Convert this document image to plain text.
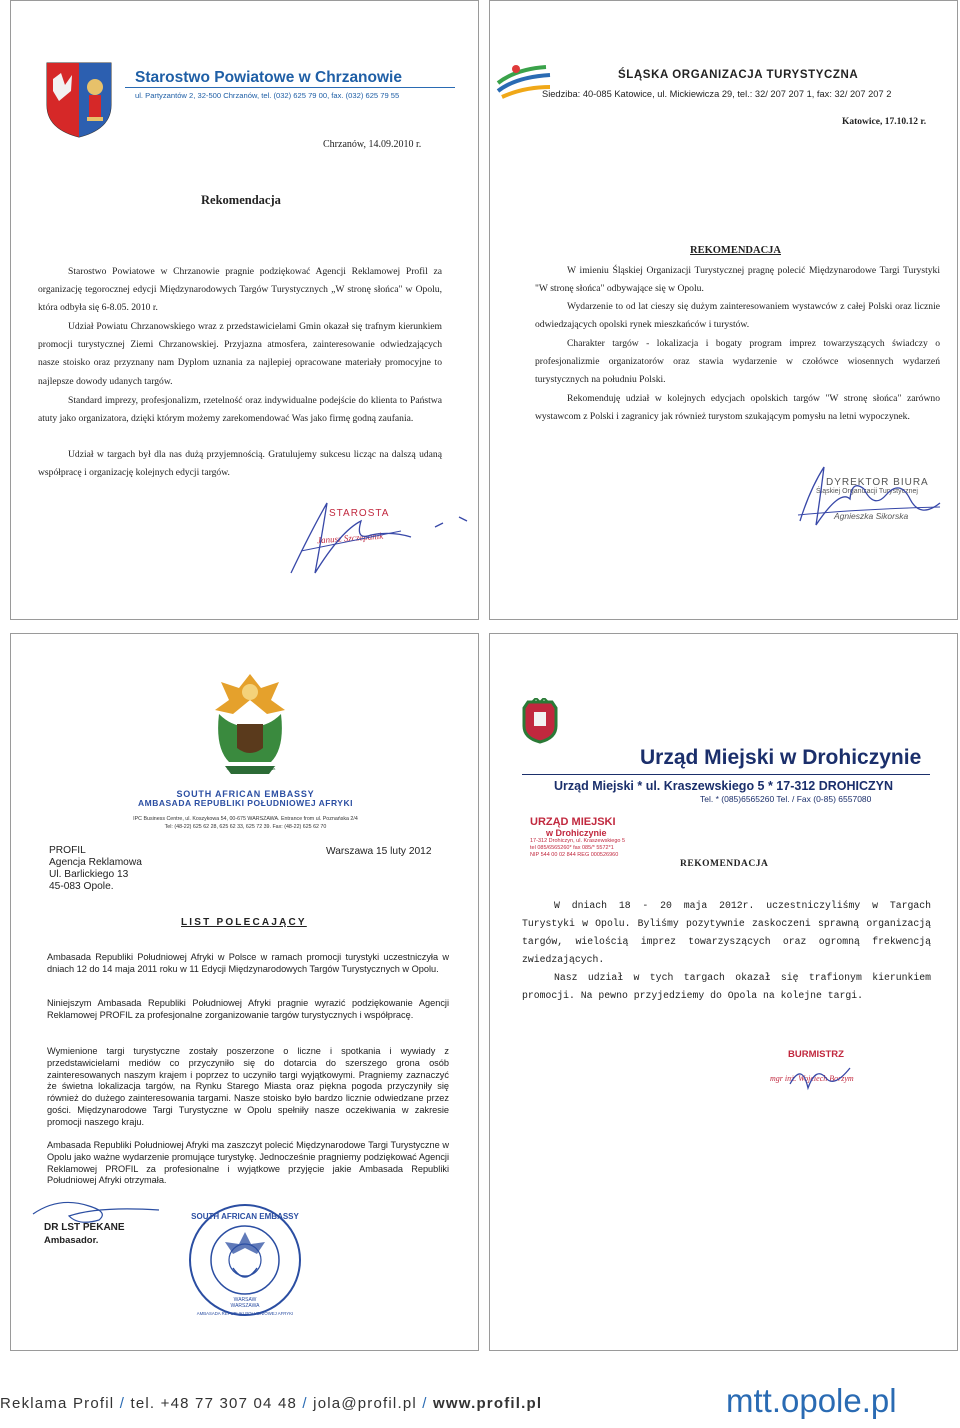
Starostwo Powiatowe w Chrzanowie
ul. Partyzantów 2, 32-500 Chrzanów, tel. (032) 625 79 00, fax. (032) 625 79 55
Chrzanów, 14.09.2010 r.
Rekomendacja

Starostwo Powiatowe w Chrzanowie pragnie podziękować Agencji Reklamowej Profil za organizację tegorocznej edycji Międzynarodowych Targów Turystycznych „W stronę słońca" w Opolu, która odbyła się 6-8.05. 2010 r.

Udział Powiatu Chrzanowskiego wraz z przedstawicielami Gmin okazał się trafnym kierunkiem promocji turystycznej Ziemi Chrzanowskiej. Przyjazna atmosfera, zainteresowanie odwiedzających nasze stoisko oraz przyznany nam Dyplom uznania za najlepiej opracowane materiały promocyjne to najlepsze dowody udanych targów.

Standard imprezy, profesjonalizm, rzetelność oraz indywidualne podejście do klienta to Państwa atuty jako organizatora, dzięki którym możemy zarekomendować Was jako firmę godną zaufania.

Udział w targach był dla nas dużą przyjemnością. Gratulujemy sukcesu licząc na dalszą udaną współpracę i organizację kolejnych edycji targów.

STAROSTA
Janusz Szczepanik
ŚLĄSKA ORGANIZACJA TURYSTYCZNA
Siedziba: 40-085 Katowice, ul. Mickiewicza 29, tel.: 32/ 207 207 1, fax: 32/ 207 207 2
Katowice, 17.10.12 r.
REKOMENDACJA

W imieniu Śląskiej Organizacji Turystycznej pragnę polecić Międzynarodowe Targi Turystyki "W stronę słońca" odbywające się w Opolu.

Wydarzenie to od lat cieszy się dużym zainteresowaniem wystawców z całej Polski oraz licznie odwiedzających opolski rynek mieszkańców i turystów.

Charakter targów - lokalizacja i bogaty program imprez towarzyszących świadczy o profesjonalizmie organizatorów oraz stawia wydarzenie w czołówce wiosennych wydarzeń turystycznych na południu Polski.

Rekomenduję udział w kolejnych edycjach opolskich targów "W stronę słońca" zarówno wystawcom z Polski i zagranicy jak również turystom szukającym pomysłu na letni wypoczynek.

DYREKTOR BIURA
Śląskiej Organizacji Turystycznej
Agnieszka Sikorska
!KE E: /XARRA //KE
SOUTH AFRICAN EMBASSY
AMBASADA REPUBLIKI POŁUDNIOWEJ AFRYKI
IPC Business Centre, ul. Koszykowa 54, 00-675 WARSZAWA. Entrance from ul. Poznańska 2/4
Tel: (48-22) 625 62 28, 625 62 33, 625 72 39. Fax: (48-22) 625 62 70
PROFIL
Agencja Reklamowa
Ul. Barlickiego 13
45-083 Opole.
Warszawa 15 luty 2012
LIST POLECAJĄCY

Ambasada Republiki Południowej Afryki w Polsce w ramach promocji turystyki uczestniczyła w dniach 12 do 14 maja 2011 roku w 11 Edycji Międzynarodowych Targów Turystycznych w Opolu.

Niniejszym Ambasada Republiki Południowej Afryki pragnie wyrazić podziękowanie Agencji Reklamowej PROFIL za profesjonalne zorganizowanie targów turystycznych i współpracę.

Wymienione targi turystyczne zostały poszerzone o liczne i spotkania i wywiady z przedstawicielami mediów co przyczyniło się do dotarcia do szerszego grona osób zainteresowanych naszym krajem i poprzez to uczyniło targi wyjątkowymi. Pragniemy zaznaczyć że świetna lokalizacja targów, na Rynku Starego Miasta oraz piękna pogoda przyczyniły się również do dużego zainteresowania targami. Nasze stoisko było bardzo licznie odwiedzane przez gości. Międzynarodowe Targi Turystyczne w Opolu spełniły nasze oczekiwania w zakresie promocji naszego kraju.

Ambasada Republiki Południowej Afryki ma zaszczyt polecić Międzynarodowe Targi Turystyczne w Opolu jako ważne wydarzenie promujące turystykę. Jednocześnie pragniemy podziękować Agencji Reklamowej PROFIL za profesionalne i wyjątkowe przyjęcie jakie Ambasada Republiki Południowej Afryki otrzymała.

DR LST PEKANE
Ambasador.
SOUTH AFRICAN EMBASSY
WARSAW
WARSZAWA
AMBASADA REPUBLIKI POŁUDNIOWEJ AFRYKI
Urząd Miejski w Drohiczynie
Urząd Miejski * ul. Kraszewskiego 5 * 17-312 DROHICZYN
Tel. * (085)6565260 Tel. / Fax (0-85) 6557080
URZĄD MIEJSKI
w Drohiczynie
17-312 Drohiczyn, ul. Kraszewskiego 5
tel 085/6565260* fax 085/* 5572*1
NIP 544 00 02 844 REG 000526960
REKOMENDACJA

W dniach 18 - 20 maja 2012r. uczestniczyliśmy w Targach Turystyki w Opolu. Byliśmy pozytywnie zaskoczeni sprawną organizacją targów, wielością imprez towarzyszących oraz ogromną frekwencją zwiedzających.

Nasz udział w tych targach okazał się trafionym kierunkiem promocji. Na pewno przyjedziemy do Opola na kolejne targi.

BURMISTRZ
mgr inż. Wojciech Borzym
Reklama Profil / tel. +48 77 307 04 48 / jola@profil.pl / www.profil.pl	mtt.opole.pl
